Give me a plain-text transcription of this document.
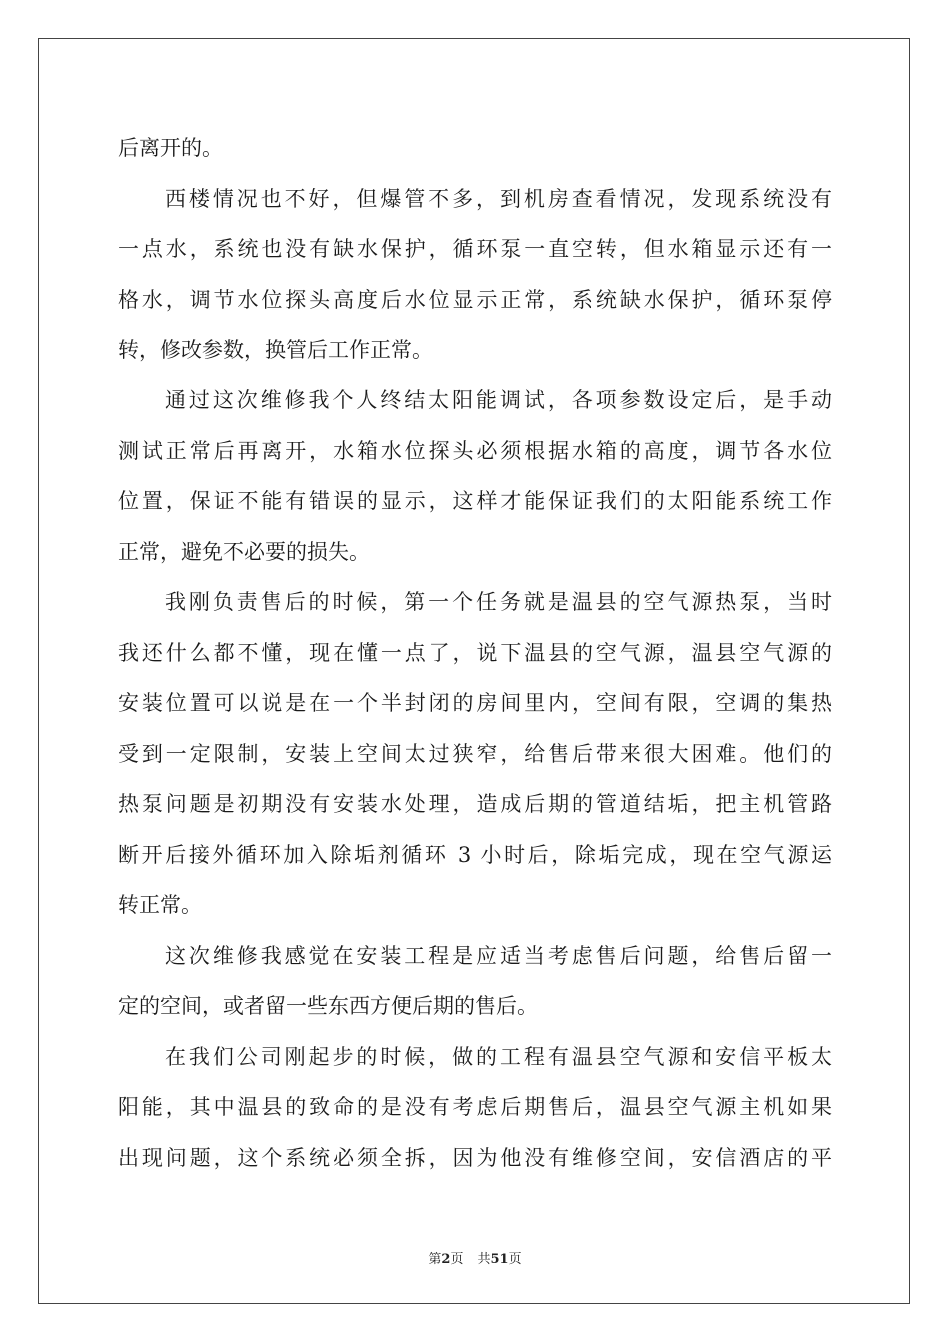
后离开的。
西楼情况也不好，但爆管不多，到机房查看情况，发现系统没有
一点水，系统也没有缺水保护，循环泵一直空转，但水箱显示还有一
格水，调节水位探头高度后水位显示正常，系统缺水保护，循环泵停
转，修改参数，换管后工作正常。
通过这次维修我个人终结太阳能调试，各项参数设定后，是手动
测试正常后再离开，水箱水位探头必须根据水箱的高度，调节各水位
位置，保证不能有错误的显示，这样才能保证我们的太阳能系统工作
正常，避免不必要的损失。
我刚负责售后的时候，第一个任务就是温县的空气源热泵，当时
我还什么都不懂，现在懂一点了，说下温县的空气源，温县空气源的
安装位置可以说是在一个半封闭的房间里内，空间有限，空调的集热
受到一定限制，安装上空间太过狭窄，给售后带来很大困难。他们的
热泵问题是初期没有安装水处理，造成后期的管道结垢，把主机管路
断开后接外循环加入除垢剂循环 3 小时后，除垢完成，现在空气源运
转正常。
这次维修我感觉在安装工程是应适当考虑售后问题，给售后留一
定的空间，或者留一些东西方便后期的售后。
在我们公司刚起步的时候，做的工程有温县空气源和安信平板太
阳能，其中温县的致命的是没有考虑后期售后，温县空气源主机如果
出现问题，这个系统必须全拆，因为他没有维修空间，安信酒店的平
第2页 共51页
